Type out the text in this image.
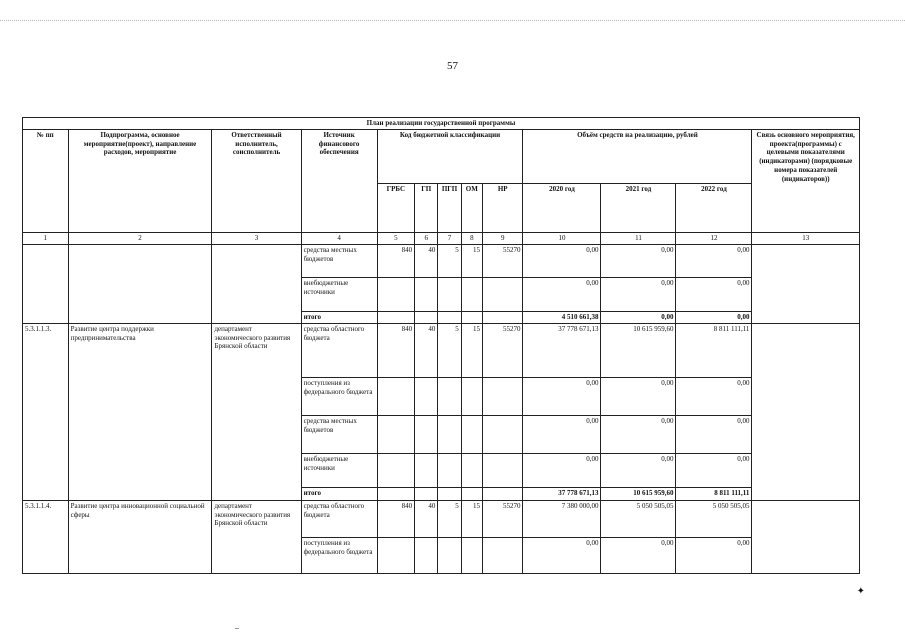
57
План реализации государственной программы												
№ пп	Подпрограмма, основное мероприятие(проект), направление расходов, мероприятие	Ответственный исполнитель, соисполнитель	Источник финансового обеспечения	Код бюджетной классификации					Объём средств на реализацию, рублей			Связь основного мероприятия, проекта(программы) с целевыми показателями (индикаторами) (порядковые номера показателей (индикаторов))
				ГРБС	ГП	ПГП	ОМ	НР	2020 год	2021 год	2022 год	
1	2	3	4	5	6	7	8	9	10	11	12	13
			средства местных бюджетов	840	40	5	15	55270	0,00	0,00	0,00	
			внебюджетные источники						0,00	0,00	0,00	
			итого						4 510 661,38	0,00	0,00	
5.3.1.1.3.	Развитие центра поддержки предпринимательства	департамент экономического развития Брянской области	средства областного бюджета	840	40	5	15	55270	37 778 671,13	10 615 959,60	8 811 111,11	
			поступления из федерального бюджета						0,00	0,00	0,00	
			средства местных бюджетов						0,00	0,00	0,00	
			внебюджетные источники						0,00	0,00	0,00	
			итого						37 778 671,13	10 615 959,60	8 811 111,11	
5.3.1.1.4.	Развитие центра инновационной социальной сферы	департамент экономического развития Брянской области	средства областного бюджета	840	40	5	15	55270	7 380 000,00	5 050 505,05	5 050 505,05	
			поступления из федерального бюджета						0,00	0,00	0,00	
✦
